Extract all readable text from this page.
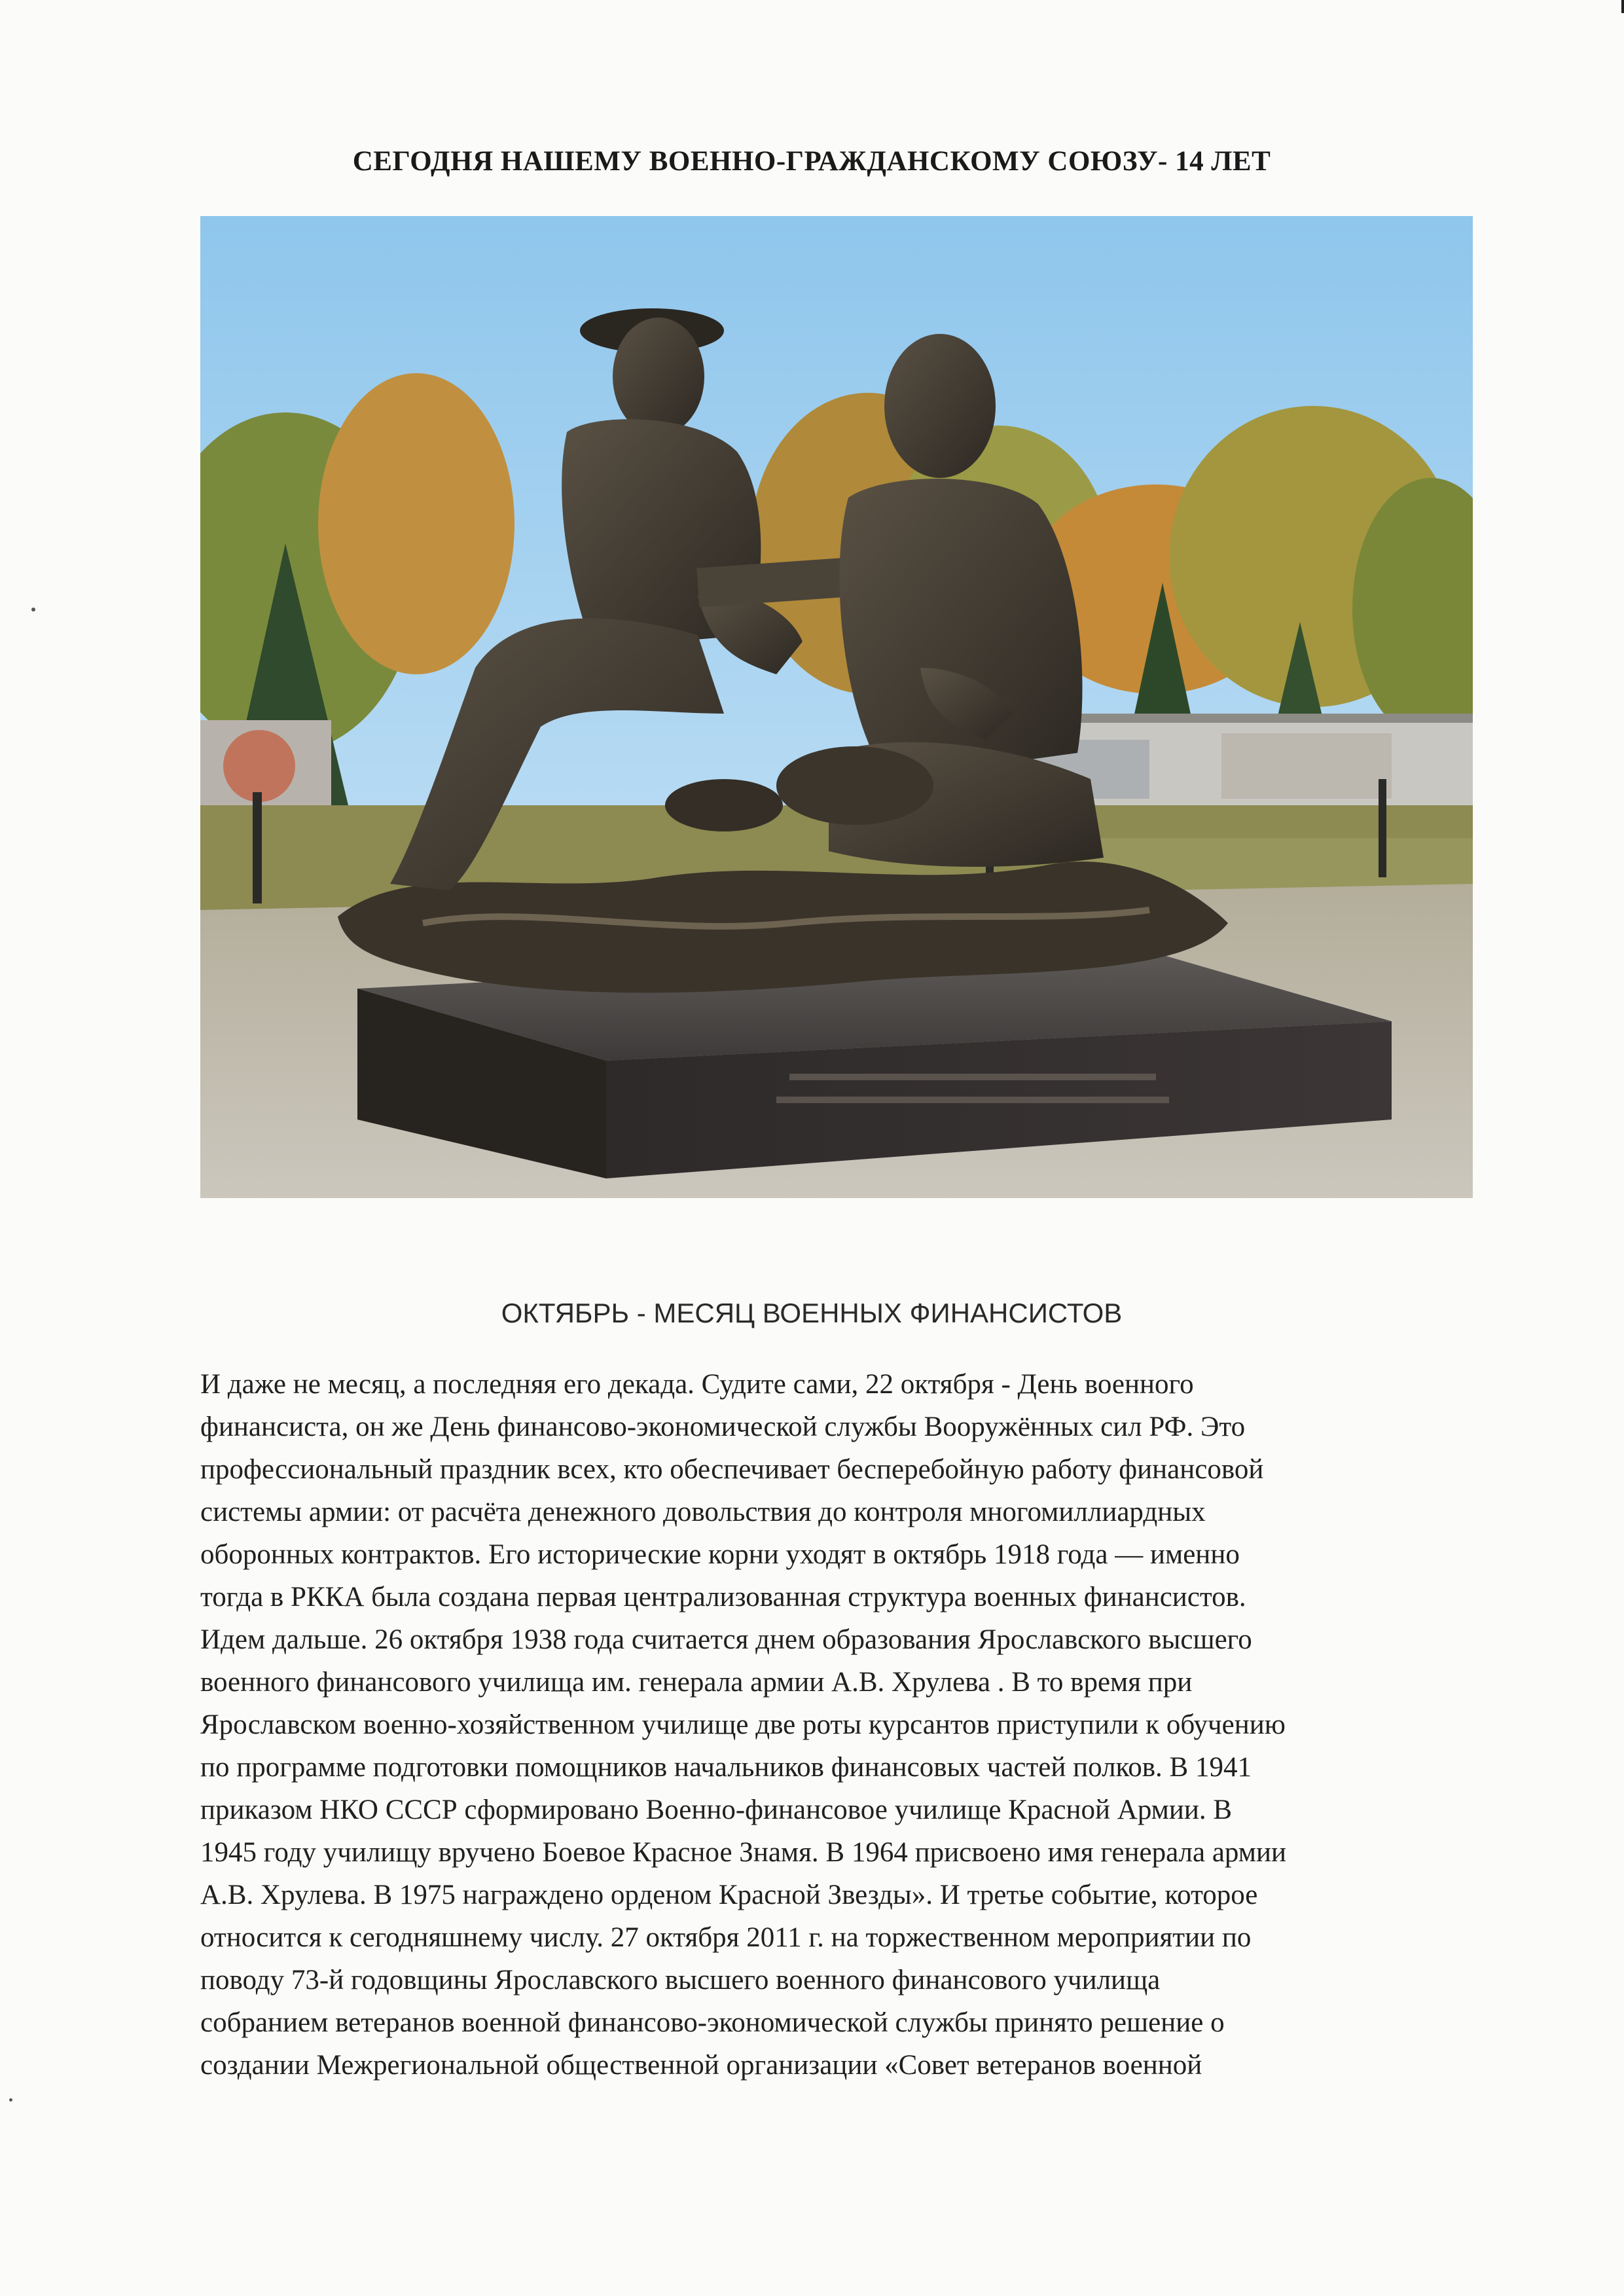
СЕГОДНЯ НАШЕМУ ВОЕННО-ГРАЖДАНСКОМУ СОЮЗУ- 14 ЛЕТ
ОКТЯБРЬ - МЕСЯЦ ВОЕННЫХ ФИНАНСИСТОВ
И даже не месяц, а последняя его декада. Судите сами, 22 октября - День военного
финансиста, он же День финансово-экономической службы Вооружённых сил РФ. Это
профессиональный праздник всех, кто обеспечивает бесперебойную работу финансовой
системы армии: от расчёта денежного довольствия до контроля многомиллиардных
оборонных контрактов. Его исторические корни уходят в октябрь 1918 года — именно
тогда в РККА была создана первая централизованная структура военных финансистов.
Идем дальше. 26 октября 1938 года считается днем образования Ярославского высшего
военного финансового училища им. генерала армии А.В. Хрулева . В то время при
Ярославском военно-хозяйственном училище две роты курсантов приступили к обучению
по программе подготовки помощников начальников финансовых частей полков. В 1941
приказом НКО СССР сформировано Военно-финансовое училище Красной Армии. В
1945 году училищу вручено Боевое Красное Знамя. В 1964 присвоено имя генерала армии
А.В. Хрулева. В 1975 награждено орденом Красной Звезды». И третье событие, которое
относится к сегодняшнему числу. 27 октября 2011 г. на торжественном мероприятии по
поводу 73-й годовщины Ярославского высшего военного финансового училища
собранием ветеранов военной финансово-экономической службы принято решение о
создании Межрегиональной общественной организации «Совет ветеранов военной
